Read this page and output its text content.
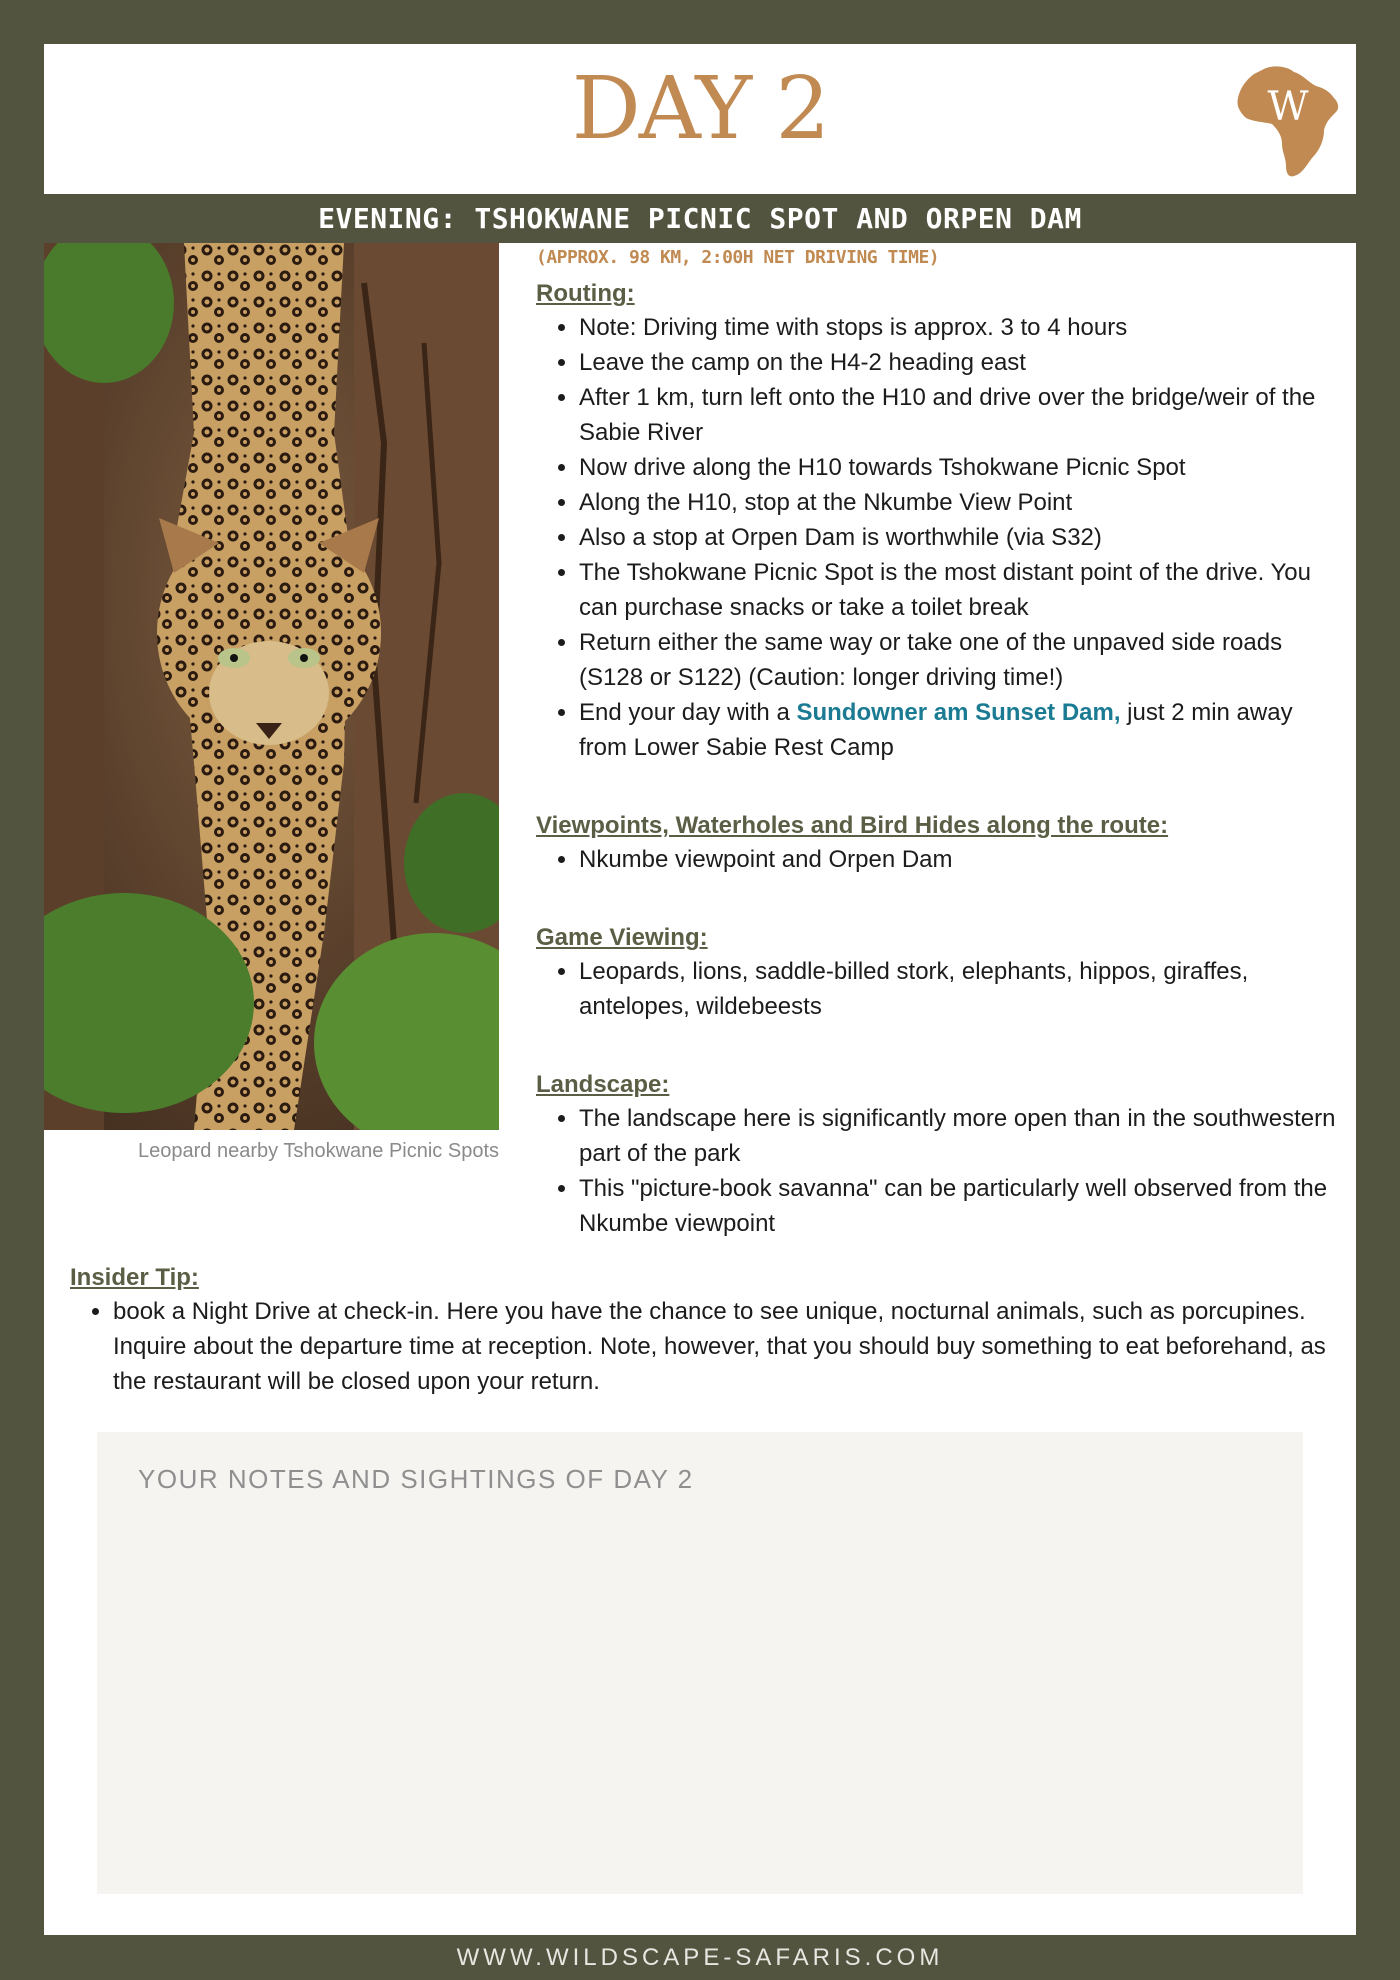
DAY 2	W
EVENING: TSHOKWANE PICNIC SPOT AND ORPEN DAM
Leopard nearby Tshokwane Picnic Spots
(APPROX. 98 KM, 2:00H NET DRIVING TIME)
Routing:
• Note: Driving time with stops is approx. 3 to 4 hours
• Leave the camp on the H4-2 heading east
• After 1 km, turn left onto the H10 and drive over the bridge/weir of the Sabie River
• Now drive along the H10 towards Tshokwane Picnic Spot
• Along the H10, stop at the Nkumbe View Point
• Also a stop at Orpen Dam is worthwhile (via S32)
• The Tshokwane Picnic Spot is the most distant point of the drive. You can purchase snacks or take a toilet break
• Return either the same way or take one of the unpaved side roads (S128 or S122) (Caution: longer driving time!)
• End your day with a Sundowner am Sunset Dam, just 2 min away from Lower Sabie Rest Camp
Viewpoints, Waterholes and Bird Hides along the route:
• Nkumbe viewpoint and Orpen Dam
Game Viewing:
• Leopards, lions, saddle-billed stork, elephants, hippos, giraffes, antelopes, wildebeests
Landscape:
• The landscape here is significantly more open than in the southwestern part of the park
• This "picture-book savanna" can be particularly well observed from the Nkumbe viewpoint
Insider Tip:
• book a Night Drive at check-in. Here you have the chance to see unique, nocturnal animals, such as porcupines. Inquire about the departure time at reception. Note, however, that you should buy something to eat beforehand, as the restaurant will be closed upon your return.
YOUR NOTES AND SIGHTINGS OF DAY 2
WWW.WILDSCAPE-SAFARIS.COM
